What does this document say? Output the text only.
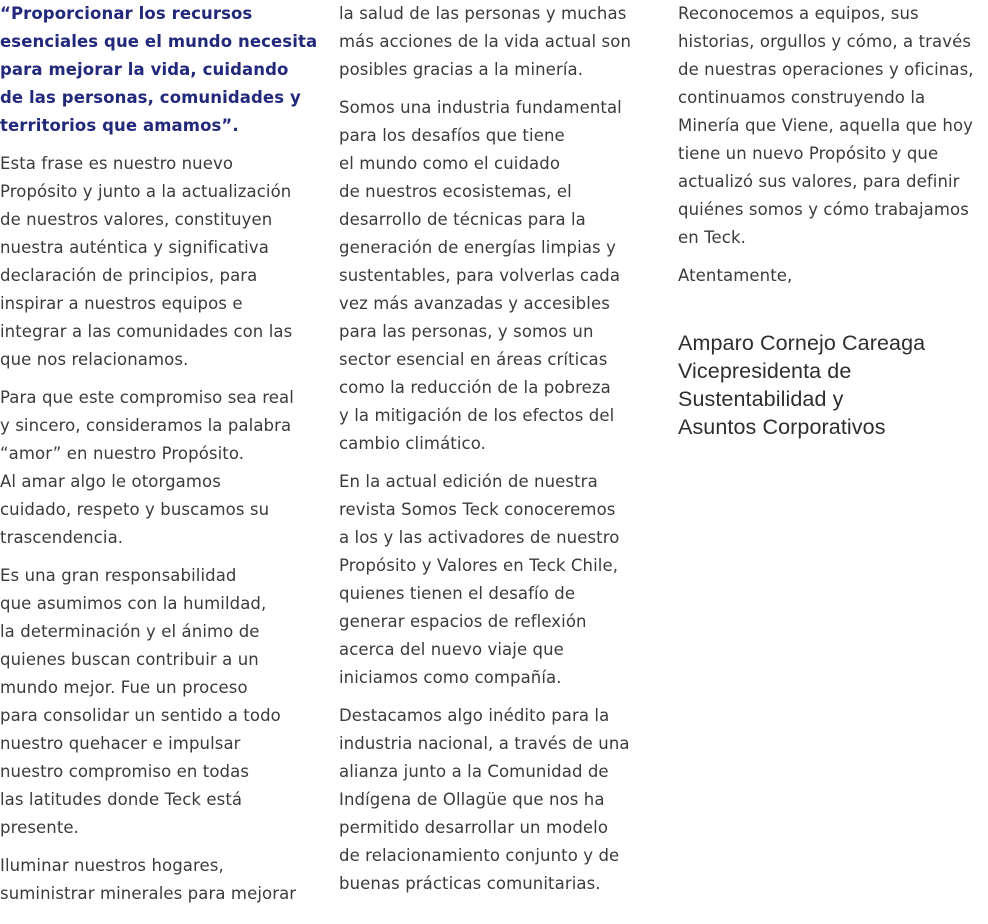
“Proporcionar los recursos
esenciales que el mundo necesita
para mejorar la vida, cuidando
de las personas, comunidades y
territorios que amamos”.

Esta frase es nuestro nuevo
Propósito y junto a la actualización
de nuestros valores, constituyen
nuestra auténtica y significativa
declaración de principios, para
inspirar a nuestros equipos e
integrar a las comunidades con las
que nos relacionamos.

Para que este compromiso sea real
y sincero, consideramos la palabra
“amor” en nuestro Propósito.
Al amar algo le otorgamos
cuidado, respeto y buscamos su
trascendencia.

Es una gran responsabilidad
que asumimos con la humildad,
la determinación y el ánimo de
quienes buscan contribuir a un
mundo mejor. Fue un proceso
para consolidar un sentido a todo
nuestro quehacer e impulsar
nuestro compromiso en todas
las latitudes donde Teck está
presente.

Iluminar nuestros hogares,
suministrar minerales para mejorar

la salud de las personas y muchas
más acciones de la vida actual son
posibles gracias a la minería.

Somos una industria fundamental
para los desafíos que tiene
el mundo como el cuidado
de nuestros ecosistemas, el
desarrollo de técnicas para la
generación de energías limpias y
sustentables, para volverlas cada
vez más avanzadas y accesibles
para las personas, y somos un
sector esencial en áreas críticas
como la reducción de la pobreza
y la mitigación de los efectos del
cambio climático.

En la actual edición de nuestra
revista Somos Teck conoceremos
a los y las activadores de nuestro
Propósito y Valores en Teck Chile,
quienes tienen el desafío de
generar espacios de reflexión
acerca del nuevo viaje que
iniciamos como compañía.

Destacamos algo inédito para la
industria nacional, a través de una
alianza junto a la Comunidad de
Indígena de Ollagüe que nos ha
permitido desarrollar un modelo
de relacionamiento conjunto y de
buenas prácticas comunitarias.

Reconocemos a equipos, sus
historias, orgullos y cómo, a través
de nuestras operaciones y oficinas,
continuamos construyendo la
Minería que Viene, aquella que hoy
tiene un nuevo Propósito y que
actualizó sus valores, para definir
quiénes somos y cómo trabajamos
en Teck.

Atentamente,

Amparo Cornejo Careaga
Vicepresidenta de
Sustentabilidad y
Asuntos Corporativos
